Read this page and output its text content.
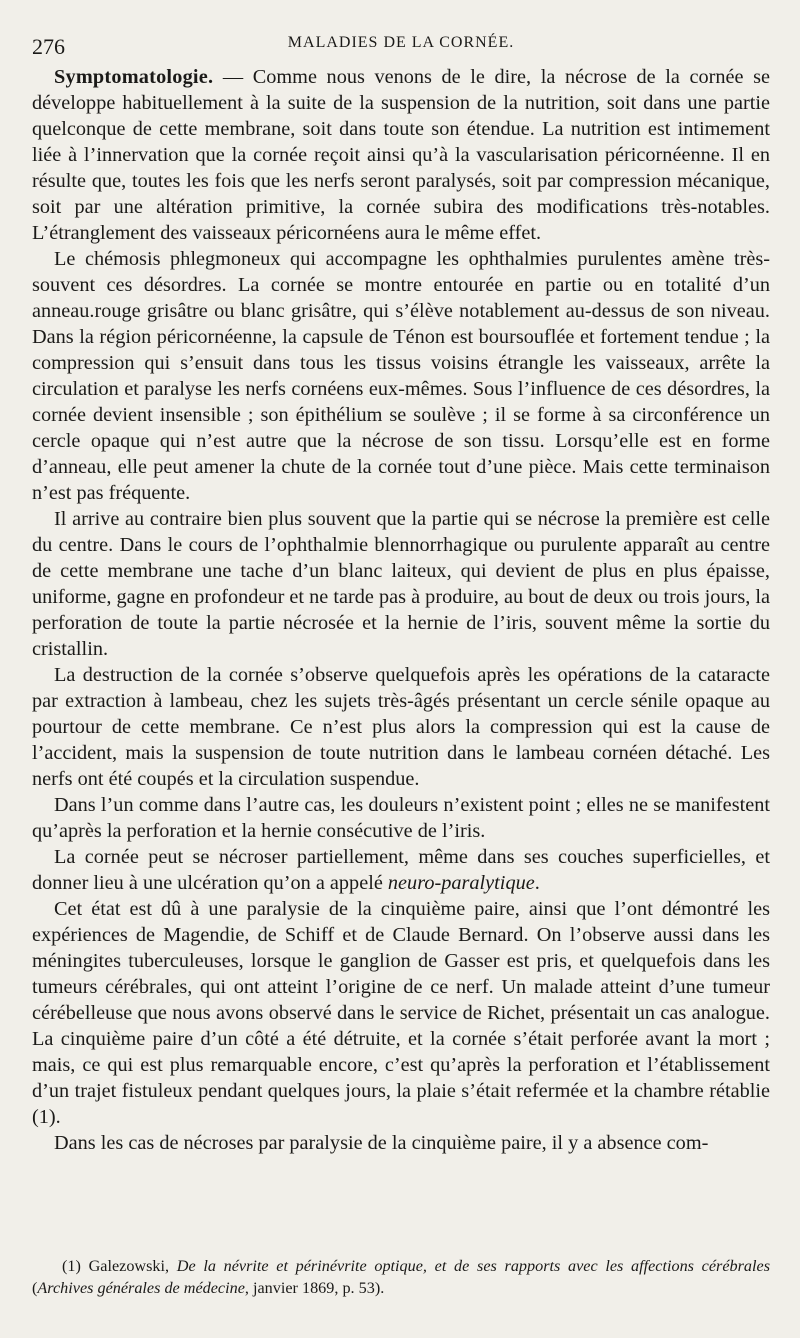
276	MALADIES DE LA CORNÉE.

Symptomatologie. — Comme nous venons de le dire, la nécrose de la cornée se développe habituellement à la suite de la suspension de la nutrition, soit dans une partie quelconque de cette membrane, soit dans toute son étendue. La nutrition est intimement liée à l’innervation que la cornée reçoit ainsi qu’à la vascularisation péricornéenne. Il en résulte que, toutes les fois que les nerfs seront paralysés, soit par compression mécanique, soit par une altération primitive, la cornée subira des modifications très-notables. L’étranglement des vaisseaux péricornéens aura le même effet.

Le chémosis phlegmoneux qui accompagne les ophthalmies purulentes amène très-souvent ces désordres. La cornée se montre entourée en partie ou en totalité d’un anneau.rouge grisâtre ou blanc grisâtre, qui s’élève notablement au-dessus de son niveau. Dans la région péricornéenne, la capsule de Ténon est boursouflée et fortement tendue ; la compression qui s’ensuit dans tous les tissus voisins étrangle les vaisseaux, arrête la circulation et paralyse les nerfs cornéens eux-mêmes. Sous l’influence de ces désordres, la cornée devient insensible ; son épithélium se soulève ; il se forme à sa circonférence un cercle opaque qui n’est autre que la nécrose de son tissu. Lorsqu’elle est en forme d’anneau, elle peut amener la chute de la cornée tout d’une pièce. Mais cette terminaison n’est pas fréquente.

Il arrive au contraire bien plus souvent que la partie qui se nécrose la première est celle du centre. Dans le cours de l’ophthalmie blennorrhagique ou purulente apparaît au centre de cette membrane une tache d’un blanc laiteux, qui devient de plus en plus épaisse, uniforme, gagne en profondeur et ne tarde pas à produire, au bout de deux ou trois jours, la perforation de toute la partie nécrosée et la hernie de l’iris, souvent même la sortie du cristallin.

La destruction de la cornée s’observe quelquefois après les opérations de la cataracte par extraction à lambeau, chez les sujets très-âgés présentant un cercle sénile opaque au pourtour de cette membrane. Ce n’est plus alors la compression qui est la cause de l’accident, mais la suspension de toute nutrition dans le lambeau cornéen détaché. Les nerfs ont été coupés et la circulation suspendue.

Dans l’un comme dans l’autre cas, les douleurs n’existent point ; elles ne se manifestent qu’après la perforation et la hernie consécutive de l’iris.

La cornée peut se nécroser partiellement, même dans ses couches superficielles, et donner lieu à une ulcération qu’on a appelé neuro-paralytique.

Cet état est dû à une paralysie de la cinquième paire, ainsi que l’ont démontré les expériences de Magendie, de Schiff et de Claude Bernard. On l’observe aussi dans les méningites tuberculeuses, lorsque le ganglion de Gasser est pris, et quelquefois dans les tumeurs cérébrales, qui ont atteint l’origine de ce nerf. Un malade atteint d’une tumeur cérébelleuse que nous avons observé dans le service de Richet, présentait un cas analogue. La cinquième paire d’un côté a été détruite, et la cornée s’était perforée avant la mort ; mais, ce qui est plus remarquable encore, c’est qu’après la perforation et l’établissement d’un trajet fistuleux pendant quelques jours, la plaie s’était refermée et la chambre rétablie (1).

Dans les cas de nécroses par paralysie de la cinquième paire, il y a absence com-

(1) Galezowski, De la névrite et périnévrite optique, et de ses rapports avec les affections cérébrales (Archives générales de médecine, janvier 1869, p. 53).
